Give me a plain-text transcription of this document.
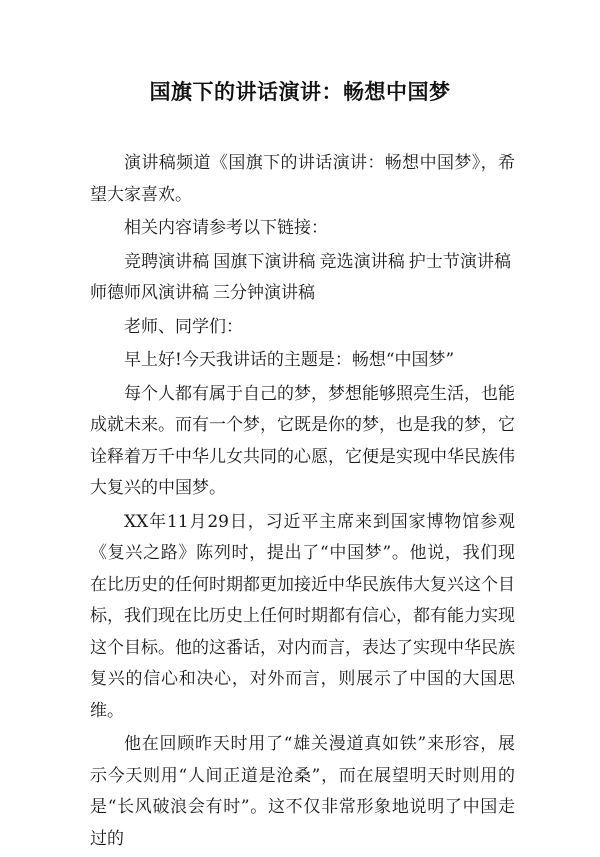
国旗下的讲话演讲：畅想中国梦

演讲稿频道《国旗下的讲话演讲：畅想中国梦》，希望大家喜欢。

相关内容请参考以下链接：

竞聘演讲稿 国旗下演讲稿 竞选演讲稿 护士节演讲稿师德师风演讲稿 三分钟演讲稿

老师、同学们：

早上好!今天我讲话的主题是：畅想“中国梦”

每个人都有属于自己的梦，梦想能够照亮生活，也能成就未来。而有一个梦，它既是你的梦，也是我的梦，它诠释着万千中华儿女共同的心愿，它便是实现中华民族伟大复兴的中国梦。

XX年11月29日，习近平主席来到国家博物馆参观《复兴之路》陈列时，提出了“中国梦”。他说，我们现在比历史的任何时期都更加接近中华民族伟大复兴这个目标，我们现在比历史上任何时期都有信心，都有能力实现这个目标。他的这番话，对内而言，表达了实现中华民族复兴的信心和决心，对外而言，则展示了中国的大国思维。

他在回顾昨天时用了“雄关漫道真如铁”来形容，展示今天则用“人间正道是沧桑”，而在展望明天时则用的是“长风破浪会有时”。这不仅非常形象地说明了中国走过的
